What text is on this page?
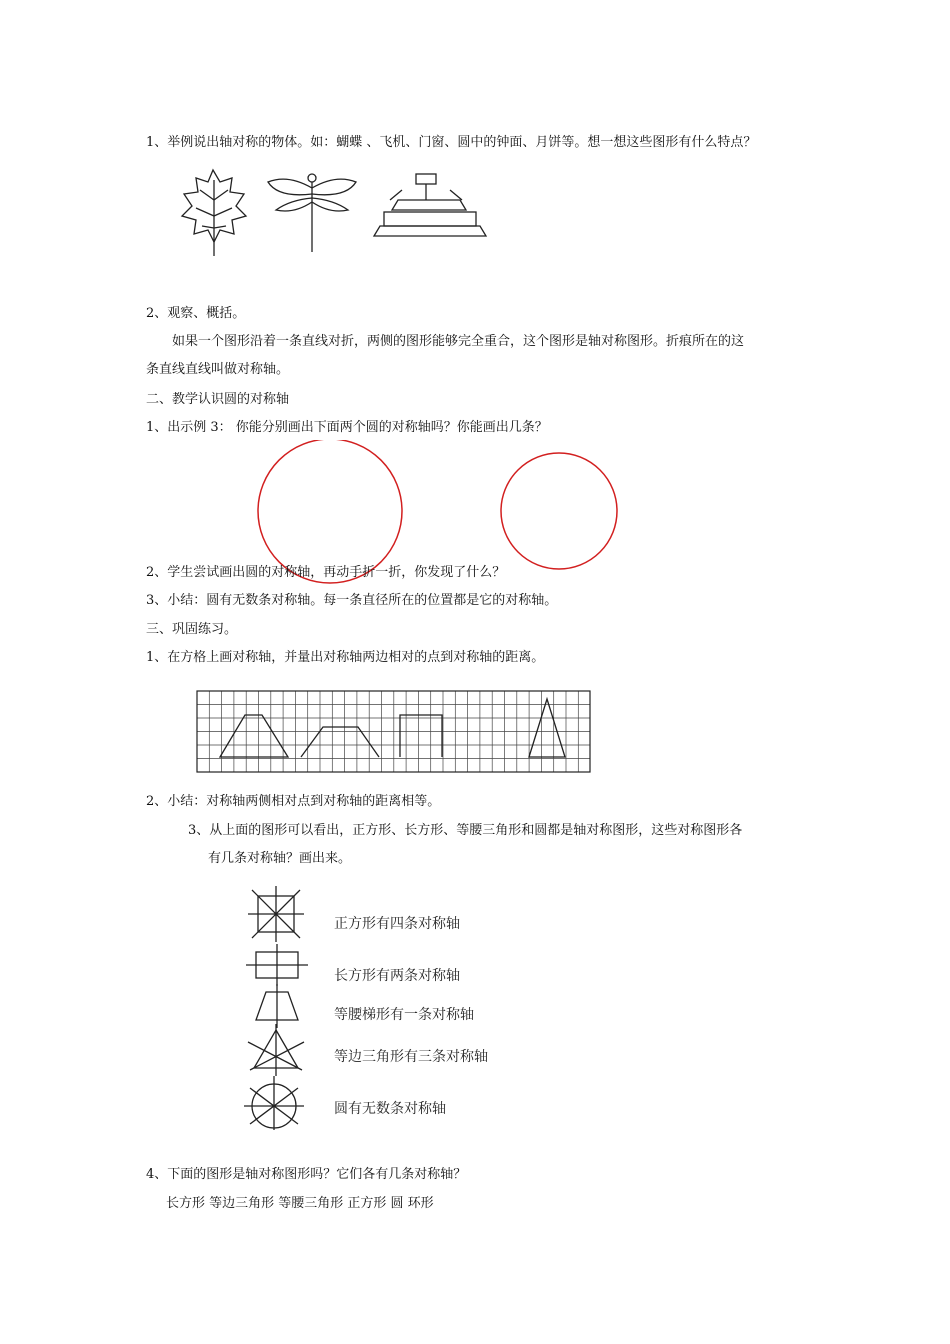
1、举例说出轴对称的物体。如：蝴蝶 、飞机、门窗、圆中的钟面、月饼等。想一想这些图形有什么特点？
2、观察、概括。
如果一个图形沿着一条直线对折，两侧的图形能够完全重合，这个图形是轴对称图形。折痕所在的这
条直线直线叫做对称轴。
二、教学认识圆的对称轴
1、出示例 3： 你能分别画出下面两个圆的对称轴吗？你能画出几条？
2、学生尝试画出圆的对称轴，再动手折一折，你发现了什么？
3、小结：圆有无数条对称轴。每一条直径所在的位置都是它的对称轴。
三、巩固练习。
1、在方格上画对称轴，并量出对称轴两边相对的点到对称轴的距离。
2、小结：对称轴两侧相对点到对称轴的距离相等。
3、从上面的图形可以看出，正方形、长方形、等腰三角形和圆都是轴对称图形，这些对称图形各
有几条对称轴？画出来。
正方形有四条对称轴
长方形有两条对称轴
等腰梯形有一条对称轴
等边三角形有三条对称轴
圆有无数条对称轴
4、下面的图形是轴对称图形吗？它们各有几条对称轴？
长方形 等边三角形 等腰三角形 正方形 圆 环形
